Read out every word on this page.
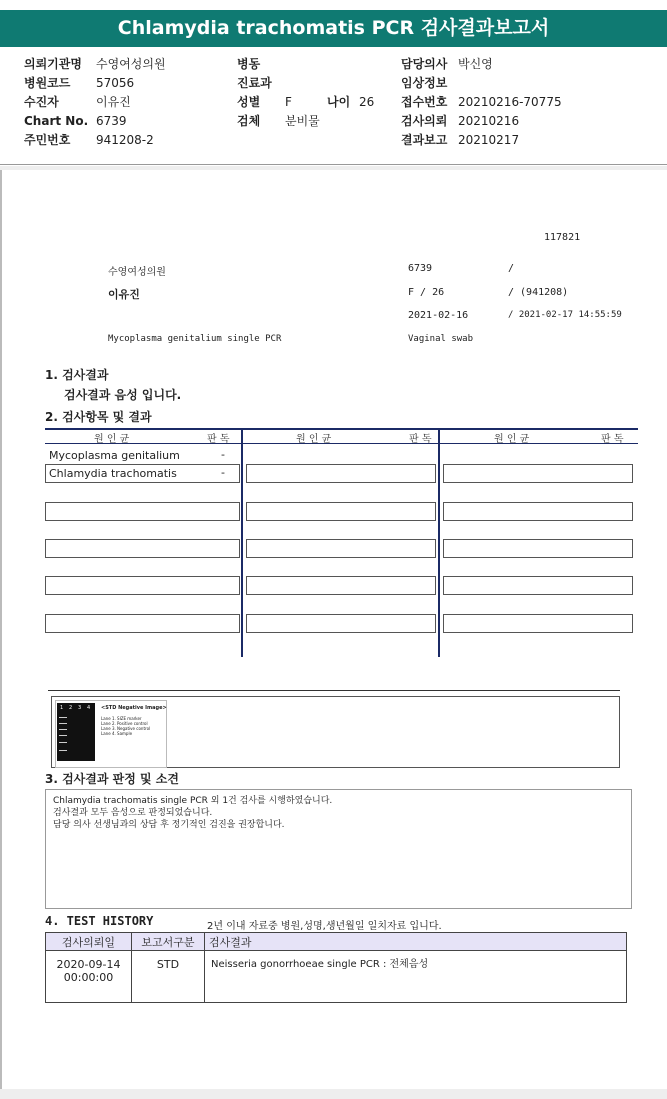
Chlamydia trachomatis PCR 검사결과보고서
의뢰기관명 수영여성의원
병원코드 57056
수진자	이유진
Chart No. 6739
주민번호 941208-2
병동
진료과
성별 F	나이 26
검체 분비물
담당의사 박신영
임상정보
접수번호 20210216-70775
검사의뢰 20210216
결과보고 20210217
117821
수영여성의원	6739	/
이유진	F / 26	/ (941208)
2021-02-16	/ 2021-02-17 14:55:59
Mycoplasma genitalium single PCR	Vaginal swab
1. 검사결과
검사결과 음성 입니다.
2. 검사항목 및 결과
원 인 균	판 독	원 인 균	판 독	원 인 균	판 독
Mycoplasma genitalium	-
Chlamydia trachomatis	-
1 2 3 4 <STD Negative Image>
Lane 1. SIZE marker
Lane 2. Positive control
Lane 3. Negative control
Lane 4. Sample
3. 검사결과 판정 및 소견
Chlamydia trachomatis single PCR 외 1건 검사를 시행하였습니다.
검사결과 모두 음성으로 판정되었습니다.
담당 의사 선생님과의 상담 후 정기적인 검진을 권장합니다.
4. TEST HISTORY	2년 이내 자료중 병원,성명,생년월일 일치자료 입니다.
검사의뢰일	보고서구분	검사결과

2020-09-14
00:00:00	STD	Neisseria gonorrhoeae single PCR : 전체음성
